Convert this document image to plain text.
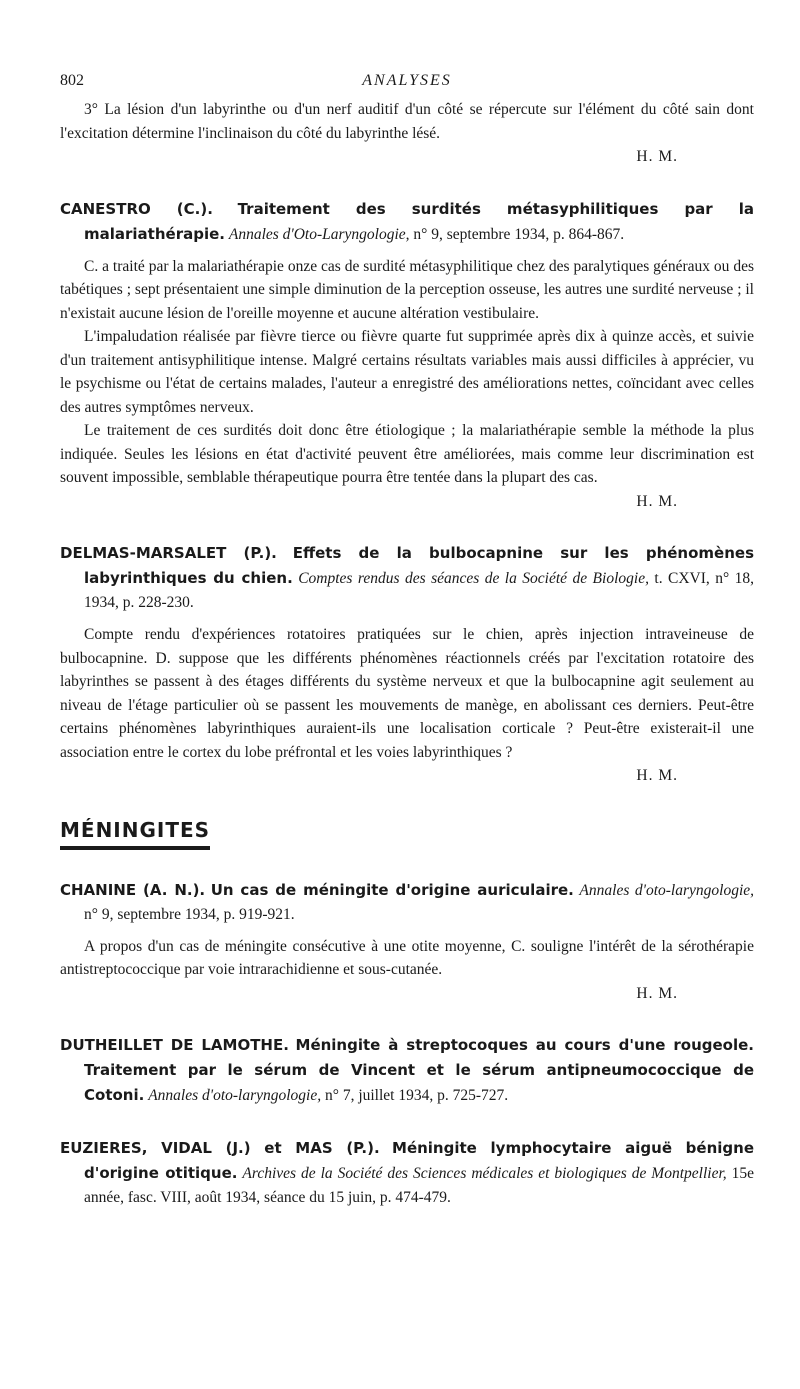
802	ANALYSES

3° La lésion d'un labyrinthe ou d'un nerf auditif d'un côté se répercute sur l'élément du côté sain dont l'excitation détermine l'inclinaison du côté du labyrinthe lésé.

H. M.
CANESTRO (C.). Traitement des surdités métasyphilitiques par la malariathérapie. Annales d'Oto-Laryngologie, n° 9, septembre 1934, p. 864-867.

C. a traité par la malariathérapie onze cas de surdité métasyphilitique chez des paralytiques généraux ou des tabétiques ; sept présentaient une simple diminution de la perception osseuse, les autres une surdité nerveuse ; il n'existait aucune lésion de l'oreille moyenne et aucune altération vestibulaire.

L'impaludation réalisée par fièvre tierce ou fièvre quarte fut supprimée après dix à quinze accès, et suivie d'un traitement antisyphilitique intense. Malgré certains résultats variables mais aussi difficiles à apprécier, vu le psychisme ou l'état de certains malades, l'auteur a enregistré des améliorations nettes, coïncidant avec celles des autres symptômes nerveux.

Le traitement de ces surdités doit donc être étiologique ; la malariathérapie semble la méthode la plus indiquée. Seules les lésions en état d'activité peuvent être améliorées, mais comme leur discrimination est souvent impossible, semblable thérapeutique pourra être tentée dans la plupart des cas.

H. M.
DELMAS-MARSALET (P.). Effets de la bulbocapnine sur les phénomènes labyrinthiques du chien. Comptes rendus des séances de la Société de Biologie, t. CXVI, n° 18, 1934, p. 228-230.

Compte rendu d'expériences rotatoires pratiquées sur le chien, après injection intraveineuse de bulbocapnine. D. suppose que les différents phénomènes réactionnels créés par l'excitation rotatoire des labyrinthes se passent à des étages différents du système nerveux et que la bulbocapnine agit seulement au niveau de l'étage particulier où se passent les mouvements de manège, en abolissant ces derniers. Peut-être certains phénomènes labyrinthiques auraient-ils une localisation corticale ? Peut-être existerait-il une association entre le cortex du lobe préfrontal et les voies labyrinthiques ?

H. M.
MÉNINGITES
CHANINE (A. N.). Un cas de méningite d'origine auriculaire. Annales d'oto-laryngologie, n° 9, septembre 1934, p. 919-921.

A propos d'un cas de méningite consécutive à une otite moyenne, C. souligne l'intérêt de la sérothérapie antistreptococcique par voie intrarachidienne et sous-cutanée.

H. M.
DUTHEILLET DE LAMOTHE. Méningite à streptocoques au cours d'une rougeole. Traitement par le sérum de Vincent et le sérum antipneumococcique de Cotoni. Annales d'oto-laryngologie, n° 7, juillet 1934, p. 725-727.
EUZIERES, VIDAL (J.) et MAS (P.). Méningite lymphocytaire aiguë bénigne d'origine otitique. Archives de la Société des Sciences médicales et biologiques de Montpellier, 15e année, fasc. VIII, août 1934, séance du 15 juin, p. 474-479.
